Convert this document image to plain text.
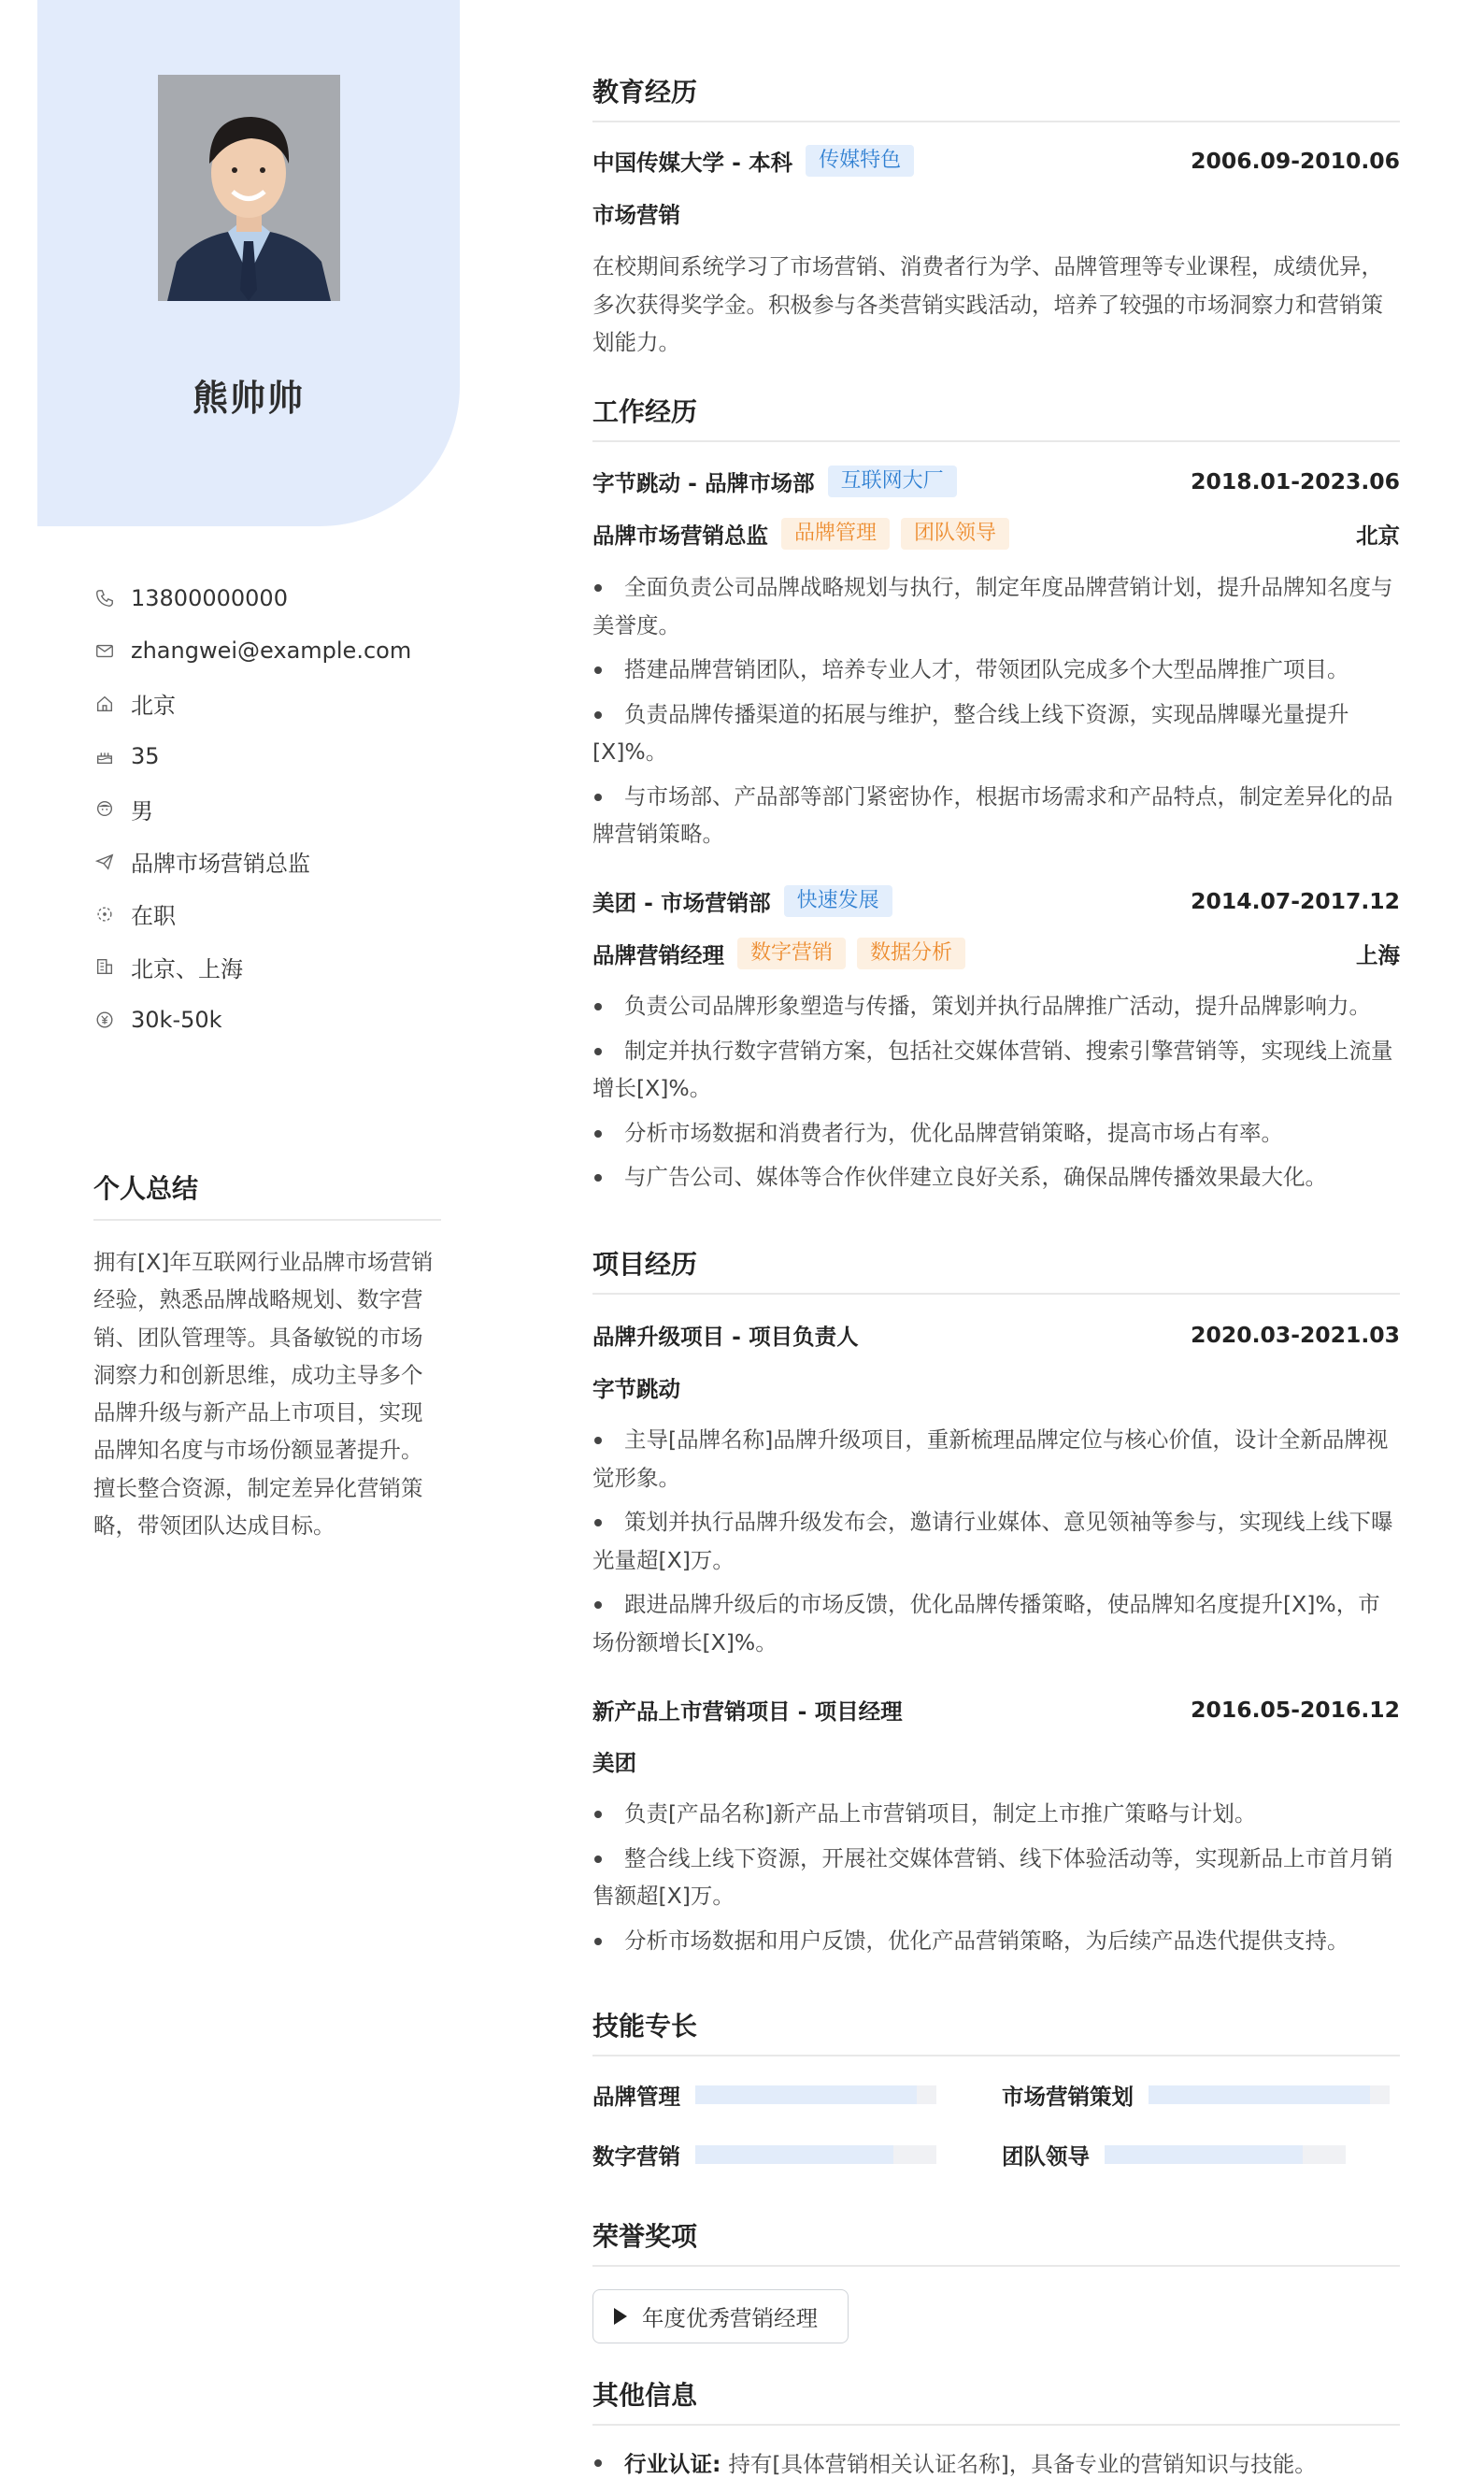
熊帅帅
13800000000
zhangwei@example.com
北京
35
男
品牌市场营销总监
在职
北京、上海
30k-50k
个人总结
拥有[X]年互联网行业品牌市场营销经验，熟悉品牌战略规划、数字营销、团队管理等。具备敏锐的市场洞察力和创新思维，成功主导多个品牌升级与新产品上市项目，实现品牌知名度与市场份额显著提升。擅长整合资源，制定差异化营销策略，带领团队达成目标。
教育经历
中国传媒大学 - 本科	传媒特色	2006.09-2010.06
市场营销
在校期间系统学习了市场营销、消费者行为学、品牌管理等专业课程，成绩优异，多次获得奖学金。积极参与各类营销实践活动，培养了较强的市场洞察力和营销策划能力。
工作经历
字节跳动 - 品牌市场部	互联网大厂	2018.01-2023.06
品牌市场营销总监	品牌管理	团队领导	北京
全面负责公司品牌战略规划与执行，制定年度品牌营销计划，提升品牌知名度与美誉度。
搭建品牌营销团队，培养专业人才，带领团队完成多个大型品牌推广项目。
负责品牌传播渠道的拓展与维护，整合线上线下资源，实现品牌曝光量提升[X]%。
与市场部、产品部等部门紧密协作，根据市场需求和产品特点，制定差异化的品牌营销策略。
美团 - 市场营销部	快速发展	2014.07-2017.12
品牌营销经理	数字营销	数据分析	上海
负责公司品牌形象塑造与传播，策划并执行品牌推广活动，提升品牌影响力。
制定并执行数字营销方案，包括社交媒体营销、搜索引擎营销等，实现线上流量增长[X]%。
分析市场数据和消费者行为，优化品牌营销策略，提高市场占有率。
与广告公司、媒体等合作伙伴建立良好关系，确保品牌传播效果最大化。
项目经历
品牌升级项目 - 项目负责人	2020.03-2021.03
字节跳动
主导[品牌名称]品牌升级项目，重新梳理品牌定位与核心价值，设计全新品牌视觉形象。
策划并执行品牌升级发布会，邀请行业媒体、意见领袖等参与，实现线上线下曝光量超[X]万。
跟进品牌升级后的市场反馈，优化品牌传播策略，使品牌知名度提升[X]%，市场份额增长[X]%。
新产品上市营销项目 - 项目经理	2016.05-2016.12
美团
负责[产品名称]新产品上市营销项目，制定上市推广策略与计划。
整合线上线下资源，开展社交媒体营销、线下体验活动等，实现新品上市首月销售额超[X]万。
分析市场数据和用户反馈，优化产品营销策略，为后续产品迭代提供支持。
技能专长
品牌管理	市场营销策划
数字营销	团队领导
荣誉奖项
年度优秀营销经理
其他信息
行业认证: 持有[具体营销相关认证名称]，具备专业的营销知识与技能。
